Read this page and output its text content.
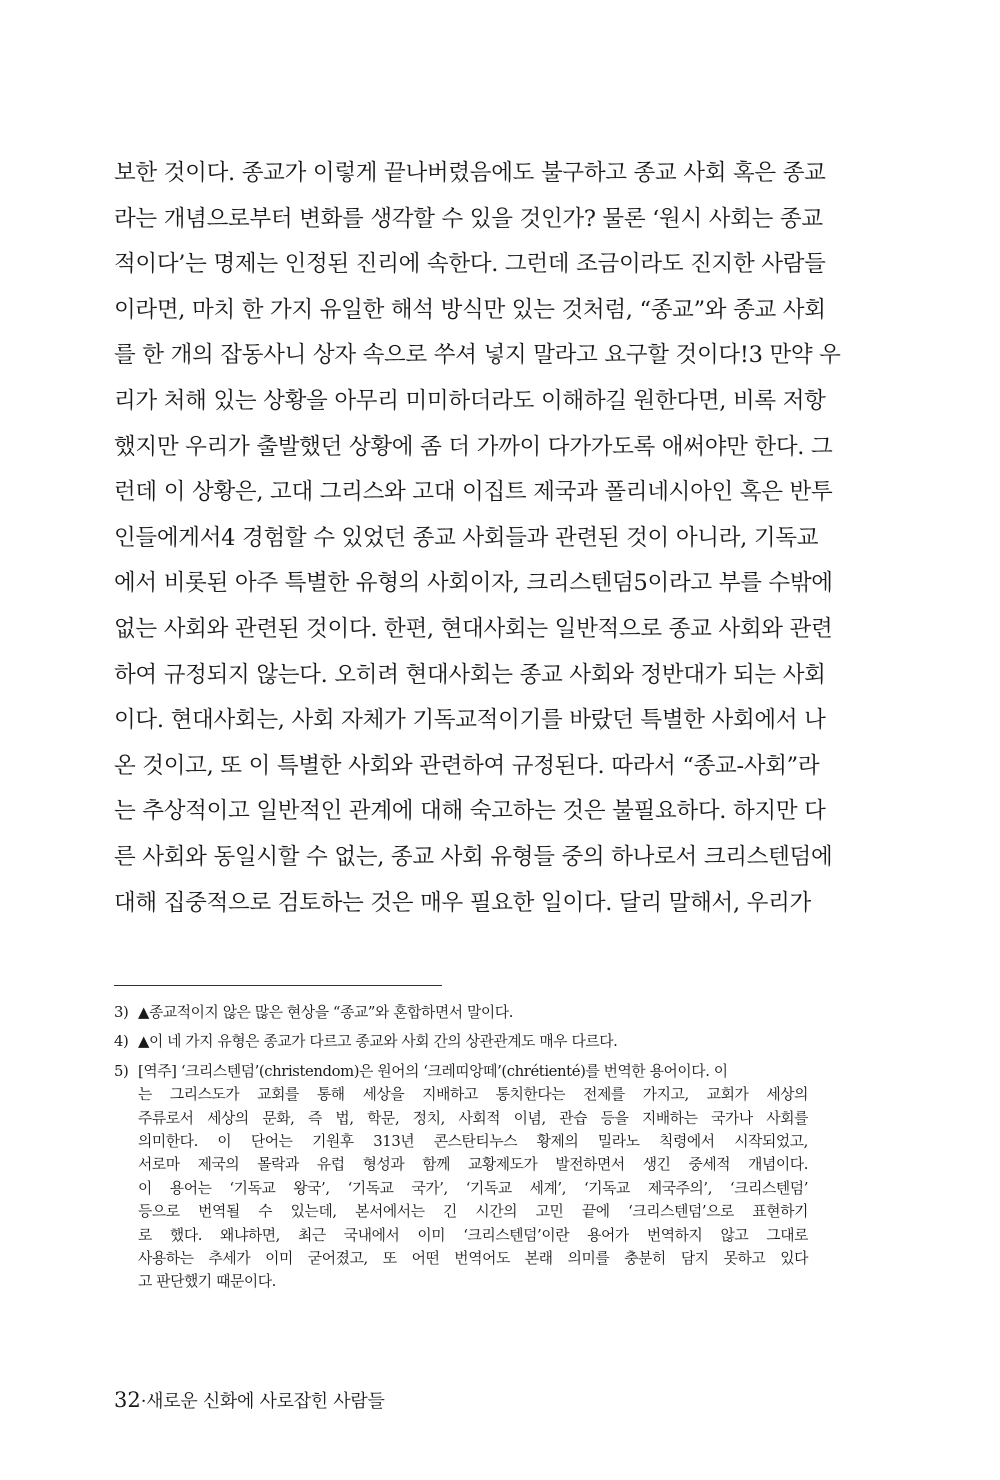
보한 것이다. 종교가 이렇게 끝나버렸음에도 불구하고 종교 사회 혹은 종교
라는 개념으로부터 변화를 생각할 수 있을 것인가? 물론 ‘원시 사회는 종교
적이다’는 명제는 인정된 진리에 속한다. 그런데 조금이라도 진지한 사람들
이라면, 마치 한 가지 유일한 해석 방식만 있는 것처럼, “종교”와 종교 사회
를 한 개의 잡동사니 상자 속으로 쑤셔 넣지 말라고 요구할 것이다!3 만약 우
리가 처해 있는 상황을 아무리 미미하더라도 이해하길 원한다면, 비록 저항
했지만 우리가 출발했던 상황에 좀 더 가까이 다가가도록 애써야만 한다. 그
런데 이 상황은, 고대 그리스와 고대 이집트 제국과 폴리네시아인 혹은 반투
인들에게서4 경험할 수 있었던 종교 사회들과 관련된 것이 아니라, 기독교
에서 비롯된 아주 특별한 유형의 사회이자, 크리스텐덤5이라고 부를 수밖에
없는 사회와 관련된 것이다. 한편, 현대사회는 일반적으로 종교 사회와 관련
하여 규정되지 않는다. 오히려 현대사회는 종교 사회와 정반대가 되는 사회
이다. 현대사회는, 사회 자체가 기독교적이기를 바랐던 특별한 사회에서 나
온 것이고, 또 이 특별한 사회와 관련하여 규정된다. 따라서 “종교-사회”라
는 추상적이고 일반적인 관계에 대해 숙고하는 것은 불필요하다. 하지만 다
른 사회와 동일시할 수 없는, 종교 사회 유형들 중의 하나로서 크리스텐덤에
대해 집중적으로 검토하는 것은 매우 필요한 일이다. 달리 말해서, 우리가
3) ▲종교적이지 않은 많은 현상을 “종교”와 혼합하면서 말이다.
4) ▲이 네 가지 유형은 종교가 다르고 종교와 사회 간의 상관관계도 매우 다르다.
5) [역주] ‘크리스텐덤’(christendom)은 원어의 ‘크레띠앙떼’(chrétienté)를 번역한 용어이다. 이
는 그리스도가 교회를 통해 세상을 지배하고 통치한다는 전제를 가지고, 교회가 세상의
주류로서 세상의 문화, 즉 법, 학문, 정치, 사회적 이념, 관습 등을 지배하는 국가나 사회를
의미한다. 이 단어는 기원후 313년 콘스탄티누스 황제의 밀라노 칙령에서 시작되었고,
서로마 제국의 몰락과 유럽 형성과 함께 교황제도가 발전하면서 생긴 중세적 개념이다.
이 용어는 ‘기독교 왕국’, ‘기독교 국가’, ‘기독교 세계’, ‘기독교 제국주의’, ‘크리스텐덤’
등으로 번역될 수 있는데, 본서에서는 긴 시간의 고민 끝에 ‘크리스텐덤’으로 표현하기
로 했다. 왜냐하면, 최근 국내에서 이미 ‘크리스텐덤’이란 용어가 번역하지 않고 그대로
사용하는 추세가 이미 굳어졌고, 또 어떤 번역어도 본래 의미를 충분히 담지 못하고 있다
고 판단했기 때문이다.
32·새로운 신화에 사로잡힌 사람들
